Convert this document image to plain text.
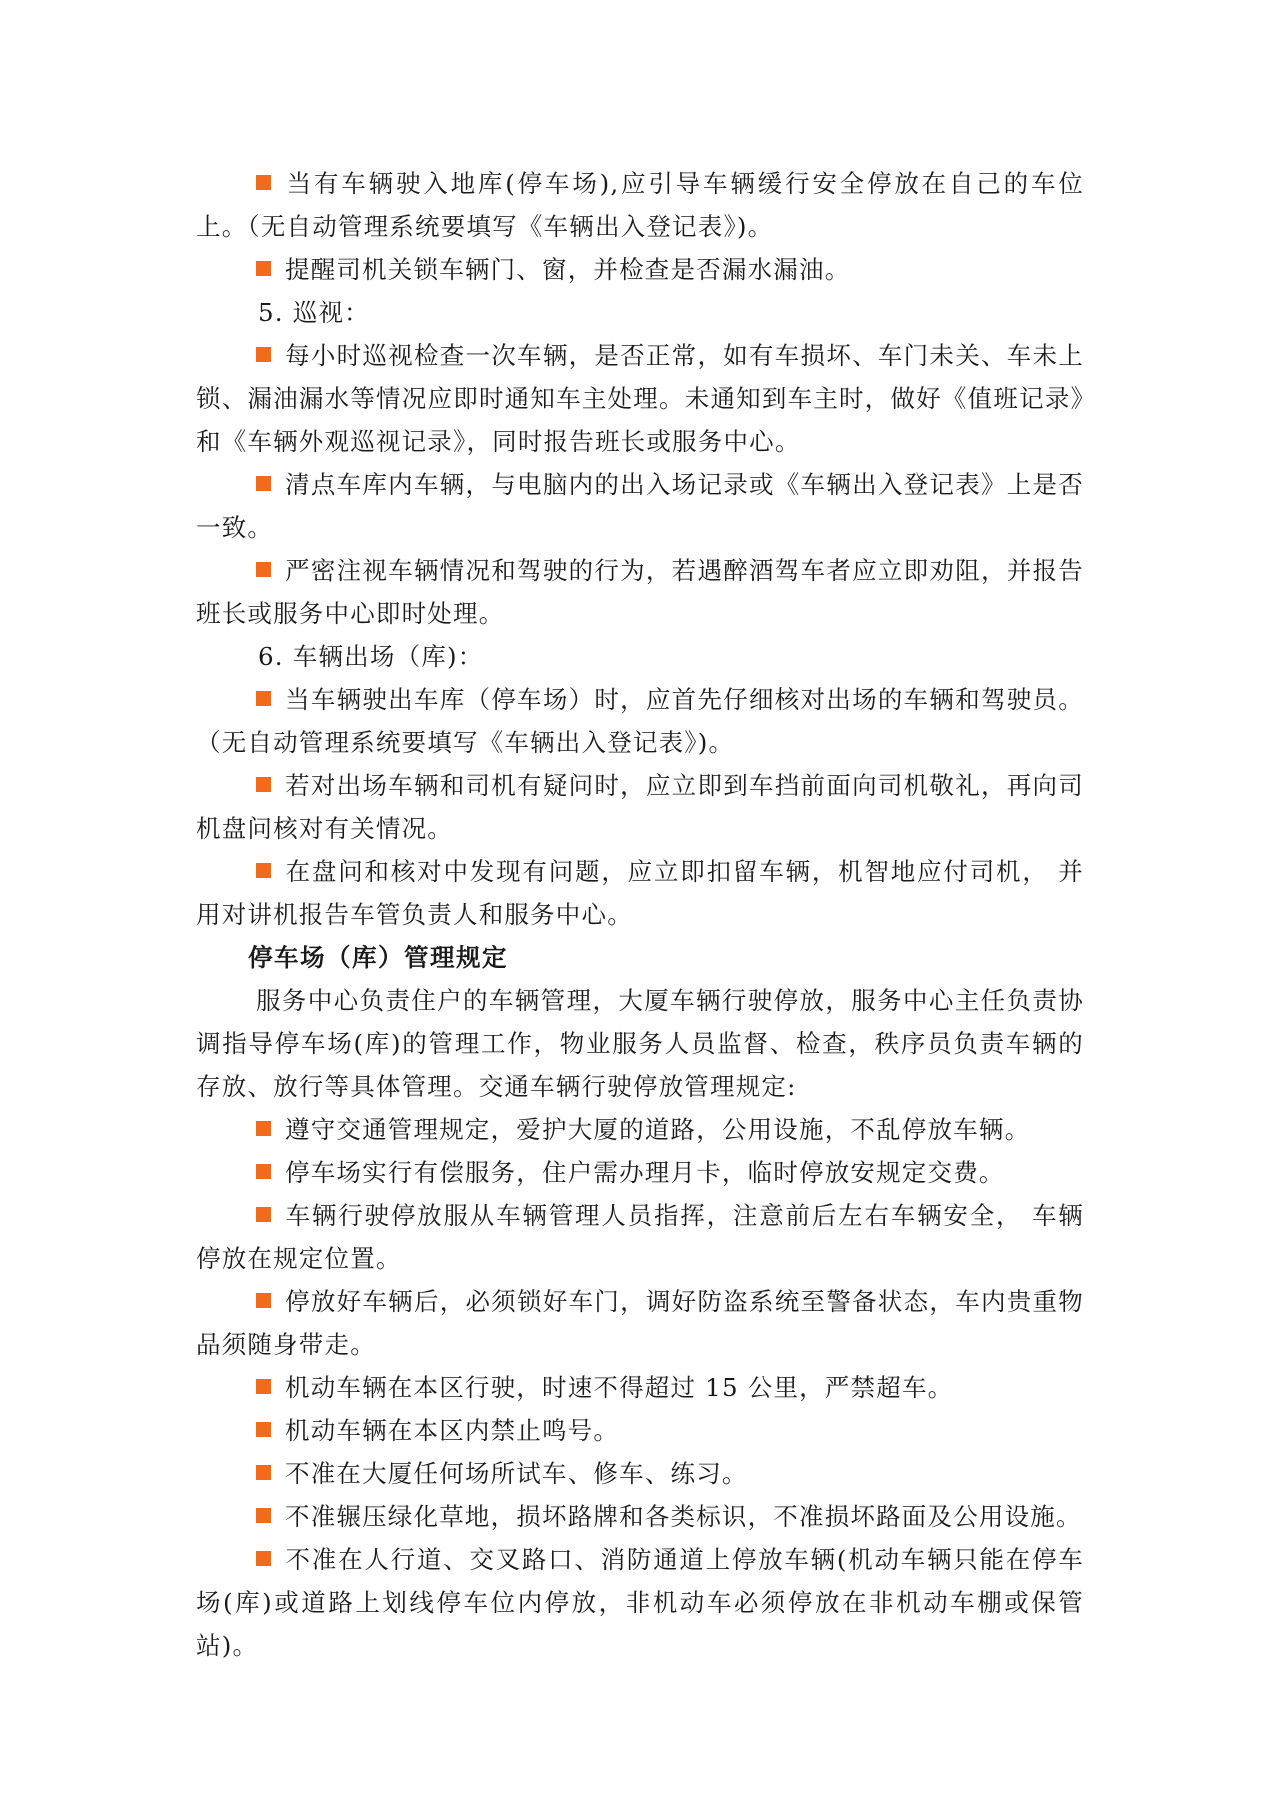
当有车辆驶入地库(停车场),应引导车辆缓行安全停放在自己的车位上。（无自动管理系统要填写《车辆出入登记表》)。

提醒司机关锁车辆门、窗，并检查是否漏水漏油。

5. 巡视：

每小时巡视检查一次车辆，是否正常，如有车损坏、车门未关、车未上锁、漏油漏水等情况应即时通知车主处理。未通知到车主时，做好《值班记录》和《车辆外观巡视记录》，同时报告班长或服务中心。

清点车库内车辆，与电脑内的出入场记录或《车辆出入登记表》上是否一致。

严密注视车辆情况和驾驶的行为，若遇醉酒驾车者应立即劝阻，并报告班长或服务中心即时处理。

6. 车辆出场（库)：

当车辆驶出车库（停车场）时，应首先仔细核对出场的车辆和驾驶员。（无自动管理系统要填写《车辆出入登记表》)。

若对出场车辆和司机有疑问时，应立即到车挡前面向司机敬礼，再向司机盘问核对有关情况。

在盘问和核对中发现有问题，应立即扣留车辆，机智地应付司机， 并用对讲机报告车管负责人和服务中心。

停车场（库）管理规定

服务中心负责住户的车辆管理，大厦车辆行驶停放，服务中心主任负责协调指导停车场(库)的管理工作，物业服务人员监督、检查，秩序员负责车辆的存放、放行等具体管理。交通车辆行驶停放管理规定:

遵守交通管理规定，爱护大厦的道路，公用设施，不乱停放车辆。

停车场实行有偿服务，住户需办理月卡，临时停放安规定交费。

车辆行驶停放服从车辆管理人员指挥，注意前后左右车辆安全， 车辆停放在规定位置。

停放好车辆后，必须锁好车门，调好防盗系统至警备状态，车内贵重物品须随身带走。

机动车辆在本区行驶，时速不得超过 15 公里，严禁超车。

机动车辆在本区内禁止鸣号。

不准在大厦任何场所试车、修车、练习。

不准辗压绿化草地，损坏路牌和各类标识，不准损坏路面及公用设施。

不准在人行道、交叉路口、消防通道上停放车辆(机动车辆只能在停车场(库)或道路上划线停车位内停放，非机动车必须停放在非机动车棚或保管站)。
